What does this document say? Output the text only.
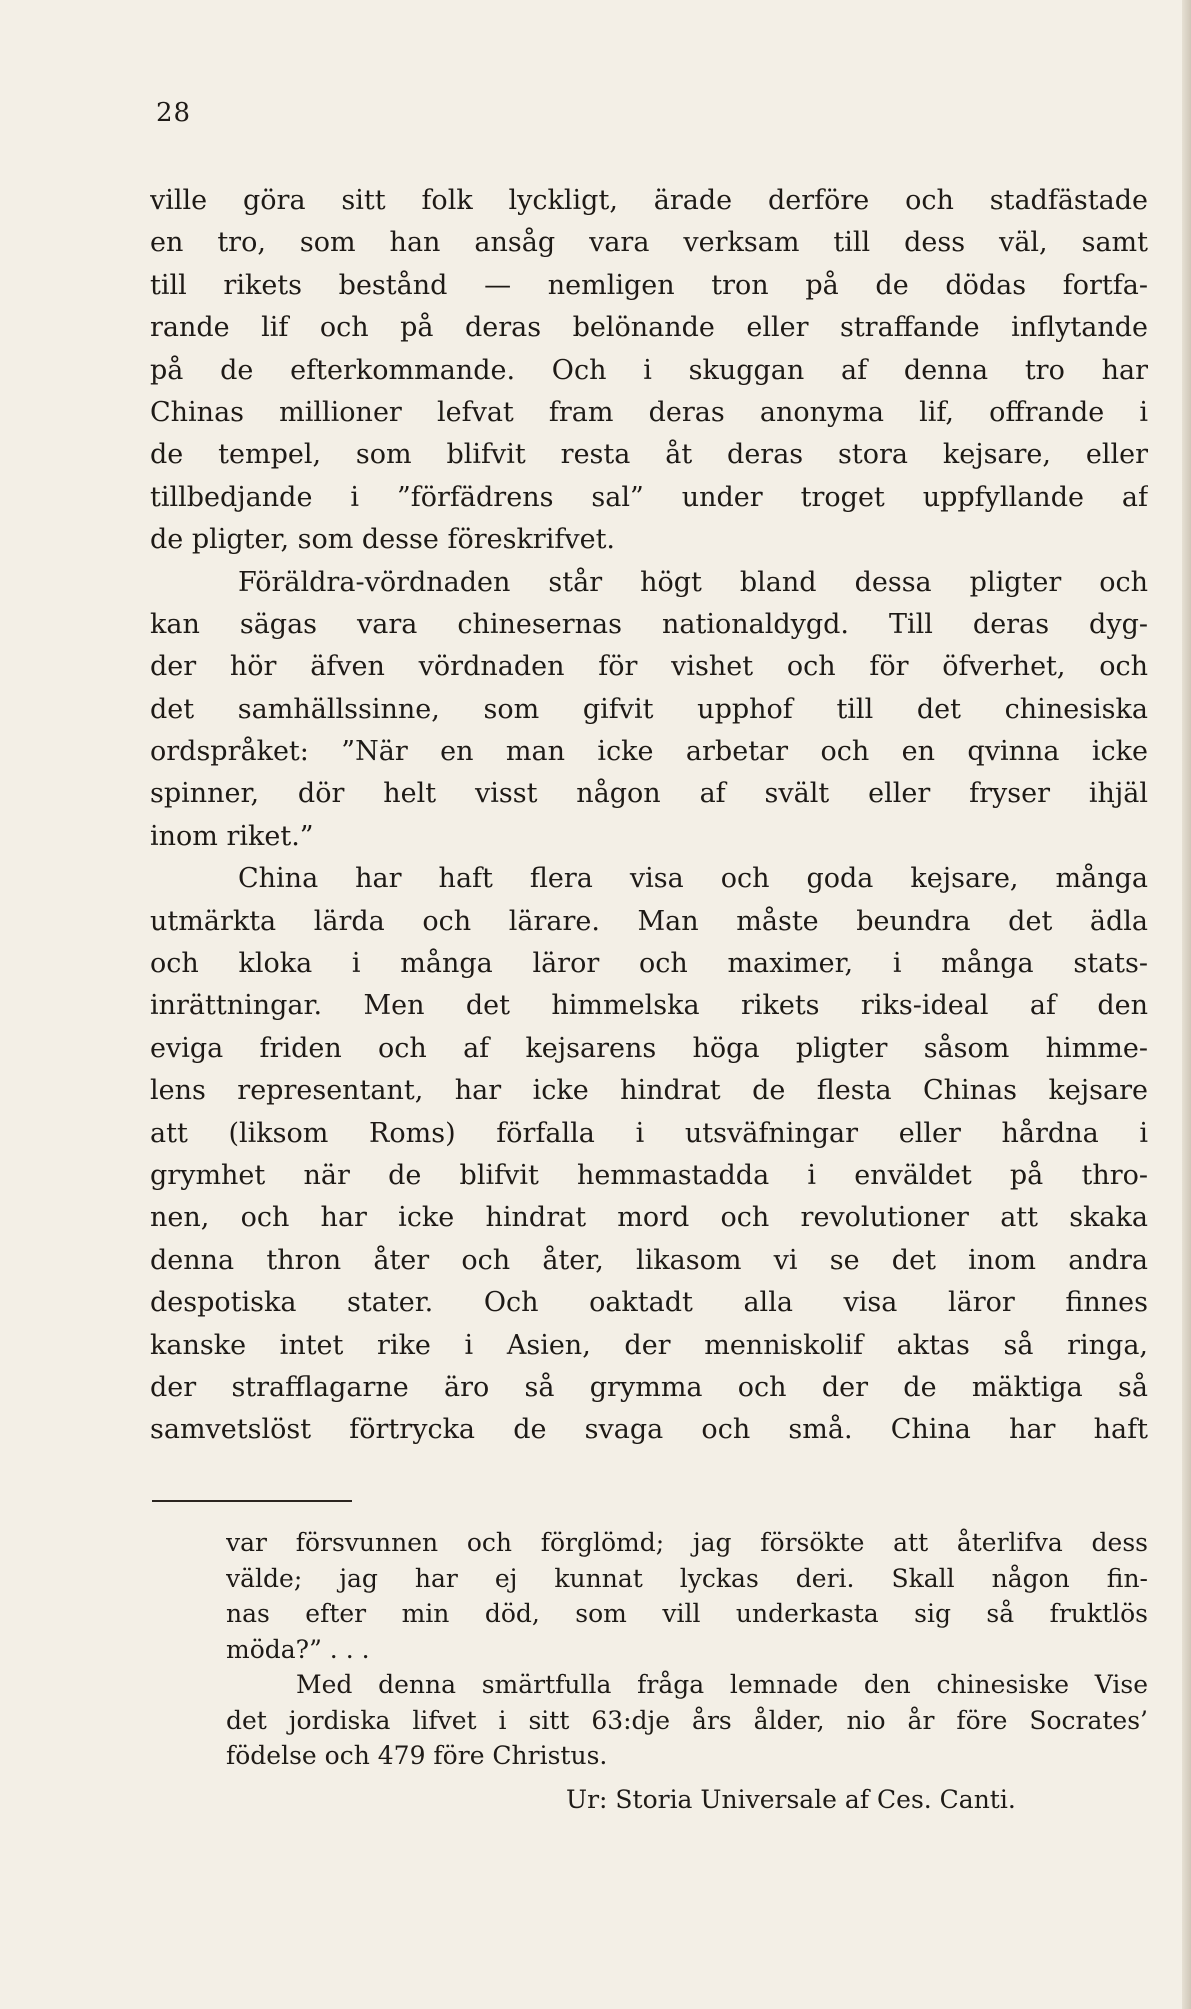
28
ville göra sitt folk lyckligt, ärade derföre och stadfästade
en tro, som han ansåg vara verksam till dess väl, samt
till rikets bestånd — nemligen tron på de dödas fortfa-
rande lif och på deras belönande eller straffande inflytande
på de efterkommande. Och i skuggan af denna tro har
Chinas millioner lefvat fram deras anonyma lif, offrande i
de tempel, som blifvit resta åt deras stora kejsare, eller
tillbedjande i ”förfädrens sal” under troget uppfyllande af
de pligter, som desse föreskrifvet.
Föräldra-vördnaden står högt bland dessa pligter och
kan sägas vara chinesernas nationaldygd. Till deras dyg-
der hör äfven vördnaden för vishet och för öfverhet, och
det samhällssinne, som gifvit upphof till det chinesiska
ordspråket: ”När en man icke arbetar och en qvinna icke
spinner, dör helt visst någon af svält eller fryser ihjäl
inom riket.”
China har haft flera visa och goda kejsare, många
utmärkta lärda och lärare. Man måste beundra det ädla
och kloka i många läror och maximer, i många stats-
inrättningar. Men det himmelska rikets riks-ideal af den
eviga friden och af kejsarens höga pligter såsom himme-
lens representant, har icke hindrat de flesta Chinas kejsare
att (liksom Roms) förfalla i utsväfningar eller hårdna i
grymhet när de blifvit hemmastadda i enväldet på thro-
nen, och har icke hindrat mord och revolutioner att skaka
denna thron åter och åter, likasom vi se det inom andra
despotiska stater. Och oaktadt alla visa läror finnes
kanske intet rike i Asien, der menniskolif aktas så ringa,
der strafflagarne äro så grymma och der de mäktiga så
samvetslöst förtrycka de svaga och små. China har haft
var försvunnen och förglömd; jag försökte att återlifva dess
välde; jag har ej kunnat lyckas deri. Skall någon fin-
nas efter min död, som vill underkasta sig så fruktlös
möda?” . . .
Med denna smärtfulla fråga lemnade den chinesiske Vise
det jordiska lifvet i sitt 63:dje års ålder, nio år före Socrates’
födelse och 479 före Christus.
Ur: Storia Universale af Ces. Canti.
